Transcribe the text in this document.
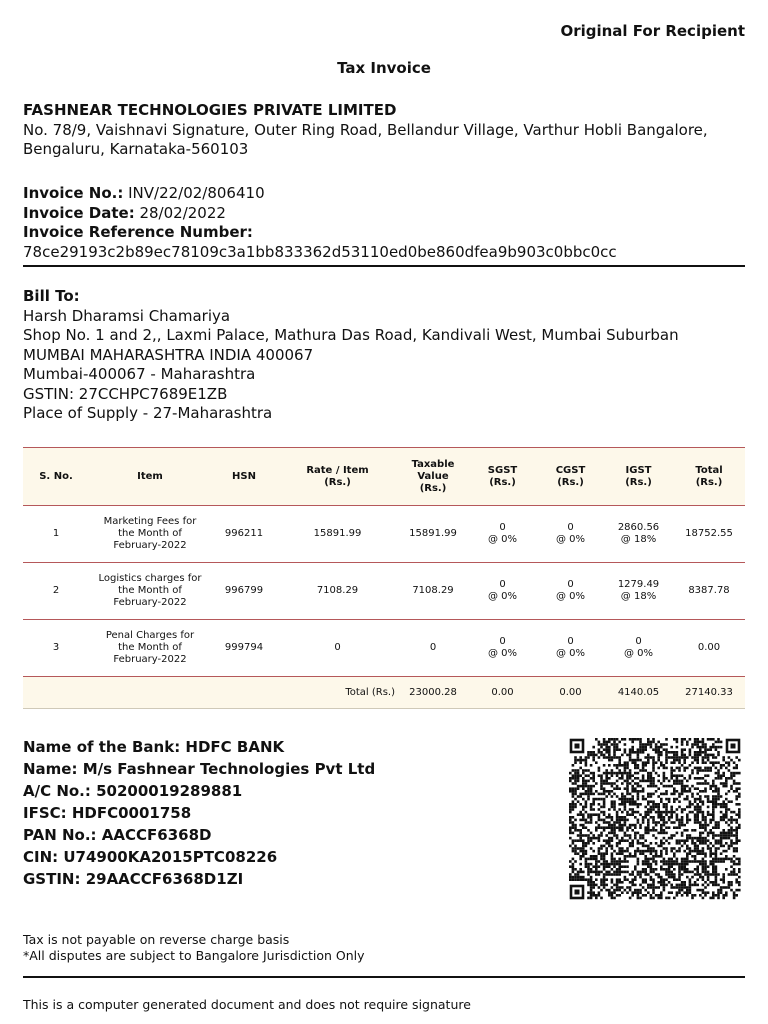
Original For Recipient
Tax Invoice
FASHNEAR TECHNOLOGIES PRIVATE LIMITED
No. 78/9, Vaishnavi Signature, Outer Ring Road, Bellandur Village, Varthur Hobli Bangalore,
Bengaluru, Karnataka-560103
Invoice No.: INV/22/02/806410
Invoice Date: 28/02/2022
Invoice Reference Number:
78ce29193c2b89ec78109c3a1bb833362d53110ed0be860dfea9b903c0bbc0cc
Bill To:
Harsh Dharamsi Chamariya
Shop No. 1 and 2,, Laxmi Palace, Mathura Das Road, Kandivali West, Mumbai Suburban
MUMBAI MAHARASHTRA INDIA 400067
Mumbai-400067 - Maharashtra
GSTIN: 27CCHPC7689E1ZB
Place of Supply - 27-Maharashtra
S. No.	Item	HSN	Rate / Item
(Rs.)	Taxable
Value
(Rs.)	SGST
(Rs.)	CGST
(Rs.)	IGST
(Rs.)	Total
(Rs.)
1	Marketing Fees for
the Month of
February-2022	996211	15891.99	15891.99	0
@ 0%	0
@ 0%	2860.56
@ 18%	18752.55
2	Logistics charges for
the Month of
February-2022	996799	7108.29	7108.29	0
@ 0%	0
@ 0%	1279.49
@ 18%	8387.78
3	Penal Charges for
the Month of
February-2022	999794	0	0	0
@ 0%	0
@ 0%	0
@ 0%	0.00
Total (Rs.)				23000.28	0.00	0.00	4140.05	27140.33
Name of the Bank: HDFC BANK
Name: M/s Fashnear Technologies Pvt Ltd
A/C No.: 50200019289881
IFSC: HDFC0001758
PAN No.: AACCF6368D
CIN: U74900KA2015PTC08226
GSTIN: 29AACCF6368D1ZI
Tax is not payable on reverse charge basis
*All disputes are subject to Bangalore Jurisdiction Only
This is a computer generated document and does not require signature
